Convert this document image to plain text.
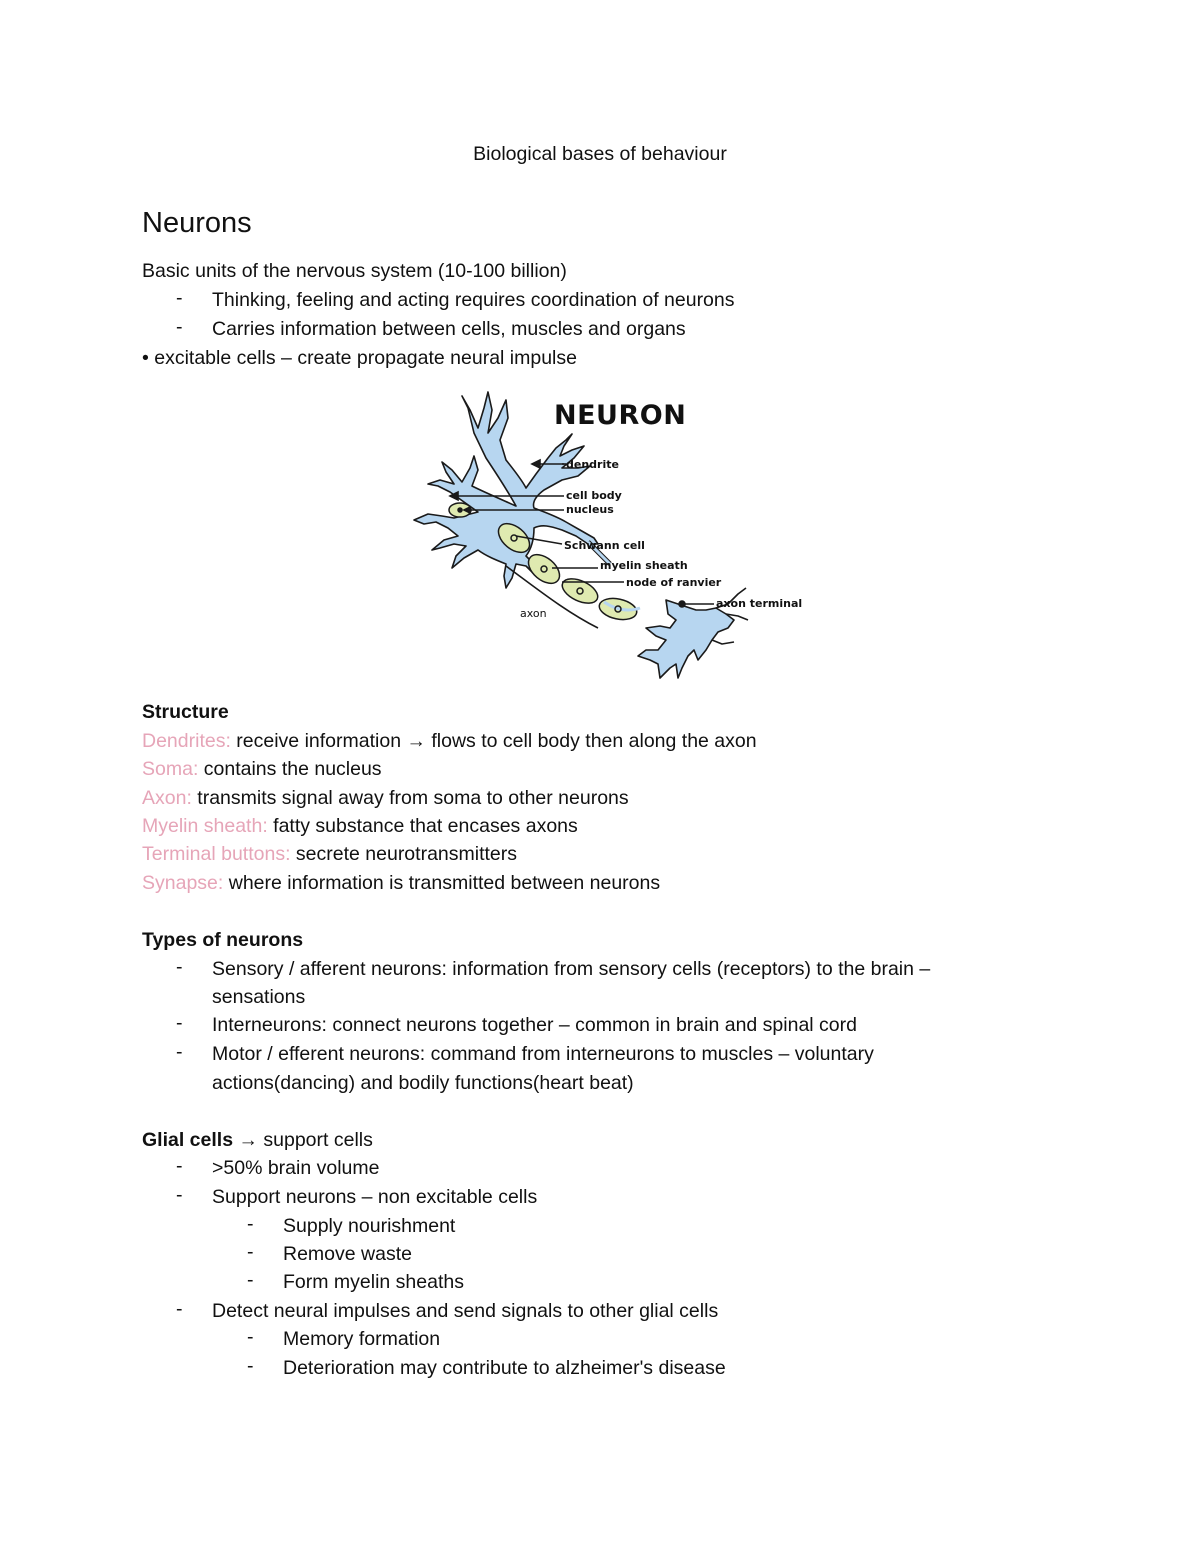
Biological bases of behaviour
Neurons
Basic units of the nervous system (10-100 billion)
-	Thinking, feeling and acting requires coordination of neurons
-	Carries information between cells, muscles and organs
• excitable cells – create propagate neural impulse
NEURON
dendrite
cell body
nucleus
Schwann cell
myelin sheath
node of ranvier
axon terminal
axon
Structure
Dendrites: receive information → flows to cell body then along the axon
Soma: contains the nucleus
Axon: transmits signal away from soma to other neurons
Myelin sheath: fatty substance that encases axons
Terminal buttons: secrete neurotransmitters
Synapse: where information is transmitted between neurons
Types of neurons
-	Sensory / afferent neurons: information from sensory cells (receptors) to the brain –
sensations
-	Interneurons: connect neurons together – common in brain and spinal cord
-	Motor / efferent neurons: command from interneurons to muscles – voluntary
actions(dancing) and bodily functions(heart beat)
Glial cells → support cells
-	>50% brain volume
-	Support neurons – non excitable cells
-	Supply nourishment
-	Remove waste
-	Form myelin sheaths
-	Detect neural impulses and send signals to other glial cells
-	Memory formation
-	Deterioration may contribute to alzheimer's disease
